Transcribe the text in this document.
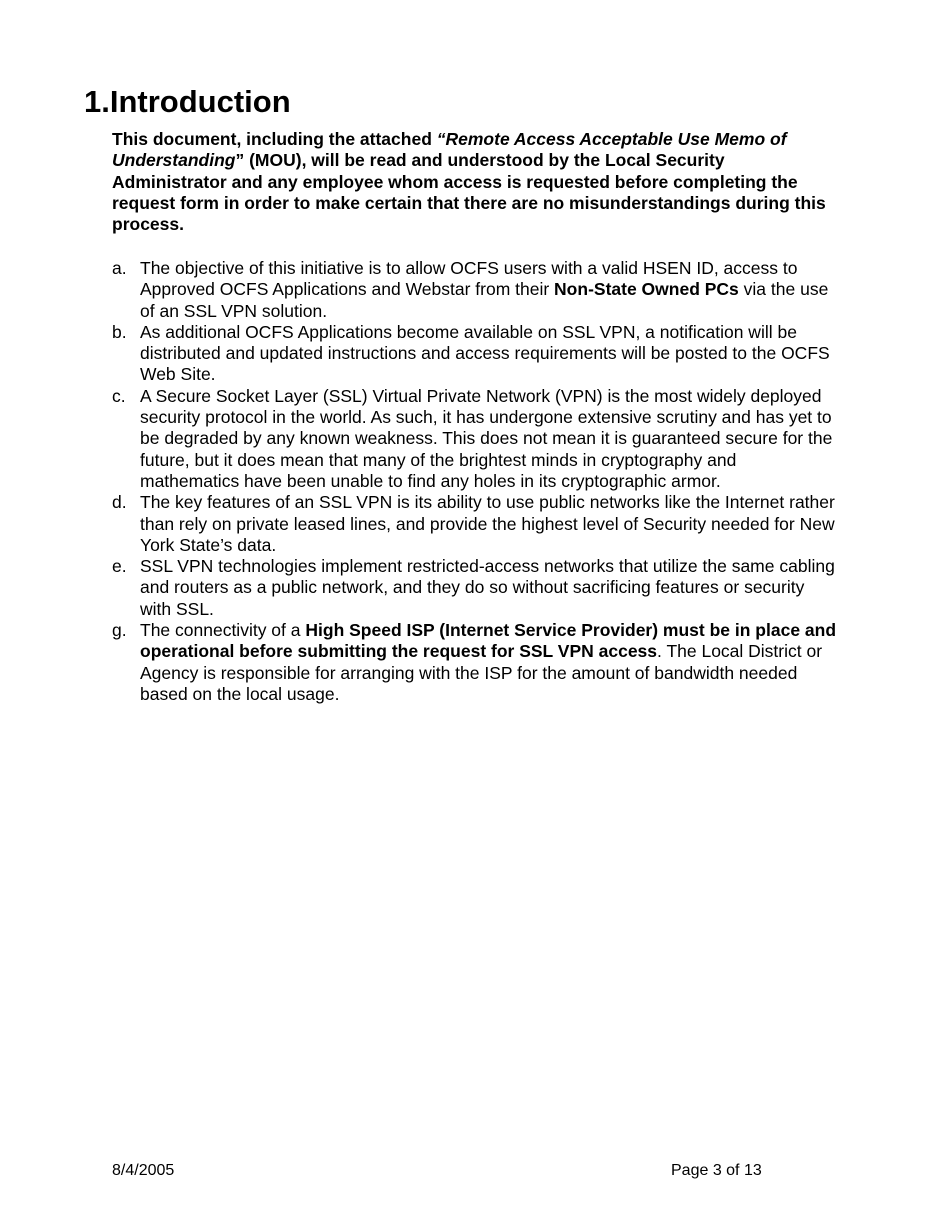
1.Introduction

This document, including the attached “Remote Access Acceptable Use Memo of Understanding” (MOU), will be read and understood by the Local Security Administrator and any employee whom access is requested before completing the request form in order to make certain that there are no misunderstandings during this process.

a. The objective of this initiative is to allow OCFS users with a valid HSEN ID, access to Approved OCFS Applications and Webstar from their Non-State Owned PCs via the use of an SSL VPN solution.
b. As additional OCFS Applications become available on SSL VPN, a notification will be distributed and updated instructions and access requirements will be posted to the OCFS Web Site.
c. A Secure Socket Layer (SSL) Virtual Private Network (VPN) is the most widely deployed security protocol in the world. As such, it has undergone extensive scrutiny and has yet to be degraded by any known weakness. This does not mean it is guaranteed secure for the future, but it does mean that many of the brightest minds in cryptography and mathematics have been unable to find any holes in its cryptographic armor.
d. The key features of an SSL VPN is its ability to use public networks like the Internet rather than rely on private leased lines, and provide the highest level of Security needed for New York State’s data.
e. SSL VPN technologies implement restricted-access networks that utilize the same cabling and routers as a public network, and they do so without sacrificing features or security with SSL.
g. The connectivity of a High Speed ISP (Internet Service Provider) must be in place and operational before submitting the request for SSL VPN access. The Local District or Agency is responsible for arranging with the ISP for the amount of bandwidth needed based on the local usage.
8/4/2005	Page 3 of 13
